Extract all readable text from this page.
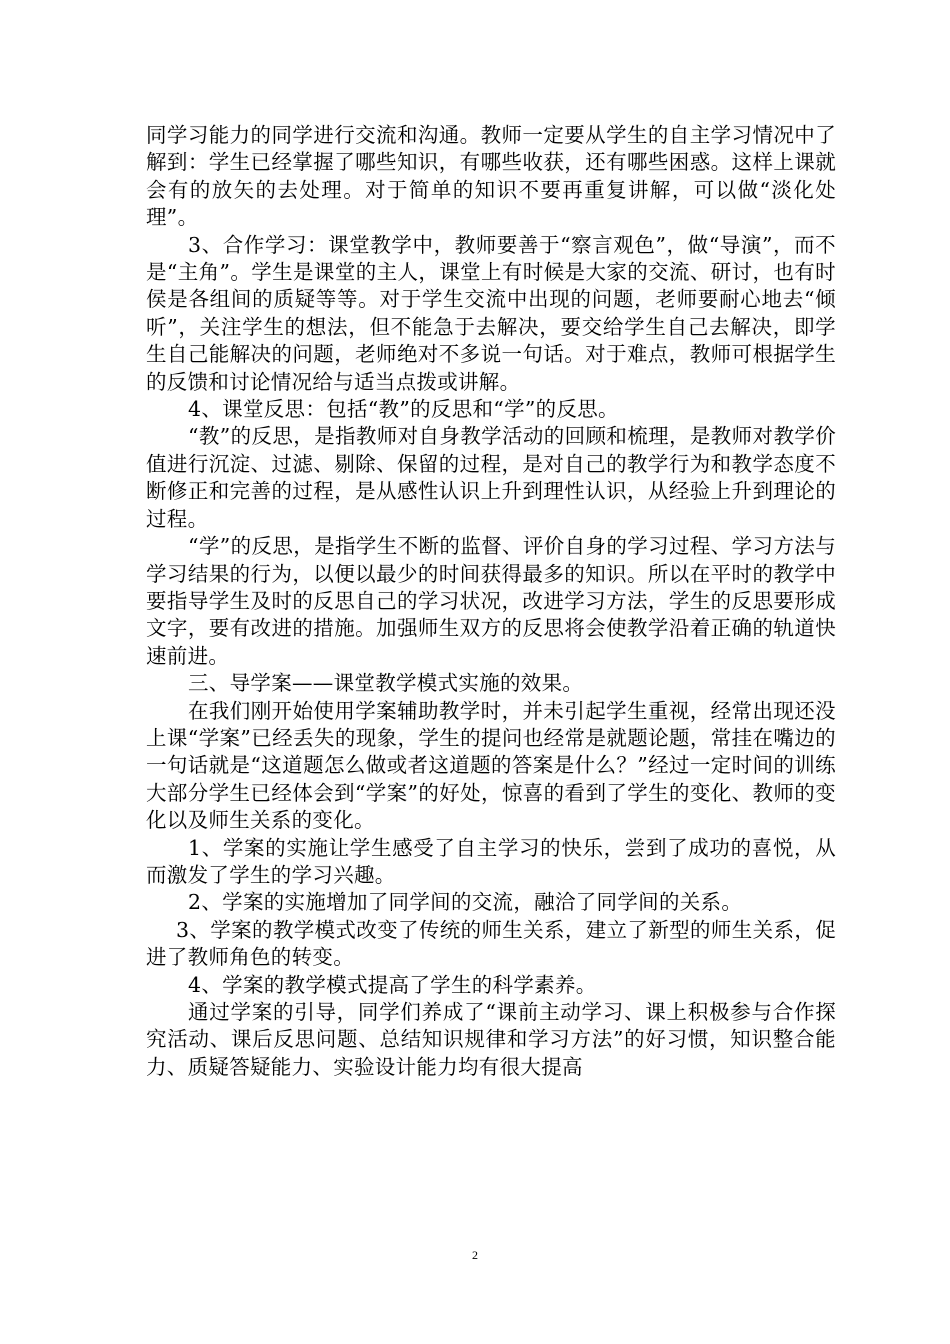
同学习能力的同学进行交流和沟通。教师一定要从学生的自主学习情况中了解到：学生已经掌握了哪些知识，有哪些收获，还有哪些困惑。这样上课就会有的放矢的去处理。对于简单的知识不要再重复讲解，可以做“淡化处理”。

3、合作学习：课堂教学中，教师要善于“察言观色”，做“导演”，而不是“主角”。学生是课堂的主人，课堂上有时候是大家的交流、研讨，也有时侯是各组间的质疑等等。对于学生交流中出现的问题，老师要耐心地去“倾听”，关注学生的想法，但不能急于去解决，要交给学生自己去解决，即学生自己能解决的问题，老师绝对不多说一句话。对于难点，教师可根据学生的反馈和讨论情况给与适当点拨或讲解。

4、课堂反思：包括“教”的反思和“学”的反思。

“教”的反思，是指教师对自身教学活动的回顾和梳理，是教师对教学价值进行沉淀、过滤、剔除、保留的过程，是对自己的教学行为和教学态度不断修正和完善的过程，是从感性认识上升到理性认识，从经验上升到理论的过程。

“学”的反思，是指学生不断的监督、评价自身的学习过程、学习方法与学习结果的行为，以便以最少的时间获得最多的知识。所以在平时的教学中要指导学生及时的反思自己的学习状况，改进学习方法，学生的反思要形成文字，要有改进的措施。加强师生双方的反思将会使教学沿着正确的轨道快速前进。

三、导学案——课堂教学模式实施的效果。

在我们刚开始使用学案辅助教学时，并未引起学生重视，经常出现还没上课“学案”已经丢失的现象，学生的提问也经常是就题论题，常挂在嘴边的一句话就是“这道题怎么做或者这道题的答案是什么？”经过一定时间的训练大部分学生已经体会到“学案”的好处，惊喜的看到了学生的变化、教师的变化以及师生关系的变化。

1、学案的实施让学生感受了自主学习的快乐，尝到了成功的喜悦，从而激发了学生的学习兴趣。

2、学案的实施增加了同学间的交流，融洽了同学间的关系。

3、学案的教学模式改变了传统的师生关系，建立了新型的师生关系，促进了教师角色的转变。

4、学案的教学模式提高了学生的科学素养。

通过学案的引导，同学们养成了“课前主动学习、课上积极参与合作探究活动、课后反思问题、总结知识规律和学习方法”的好习惯，知识整合能力、质疑答疑能力、实验设计能力均有很大提高

2
